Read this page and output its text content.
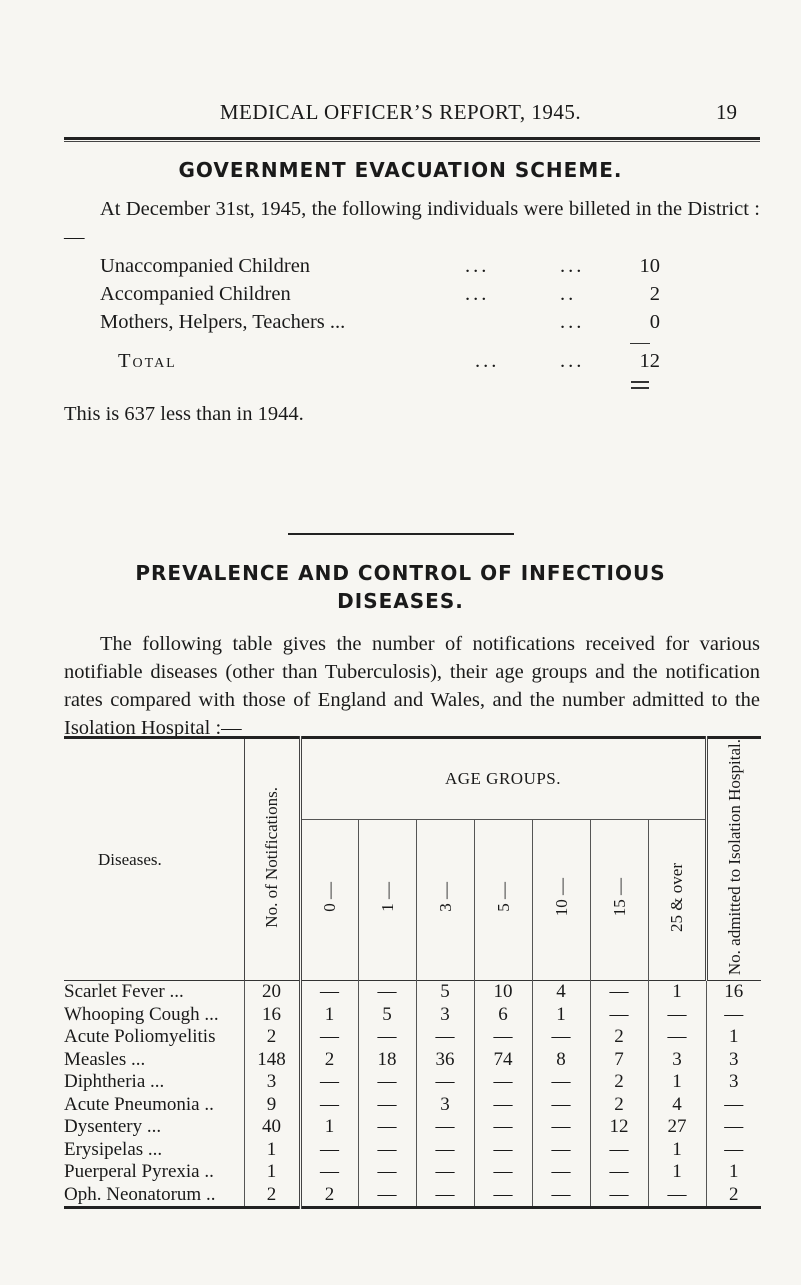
MEDICAL OFFICER’S REPORT, 1945.	19
GOVERNMENT EVACUATION SCHEME.
At December 31st, 1945, the following individuals were billeted in the District :—
Unaccompanied Children	...	...	10
Accompanied Children	...	..	2
Mothers, Helpers, Teachers ...	...	0
Total	...	...	12
This is 637 less than in 1944.
PREVALENCE AND CONTROL OF INFECTIOUS
DISEASES.
The following table gives the number of notifications received for various notifiable diseases (other than Tuberculosis), their age groups and the notification rates compared with those of England and Wales, and the number admitted to the Isolation Hospital :—
Diseases.	No. of Notifications.	AGE GROUPS.							No. admitted to Isolation Hospital.
		0 —	1 —	3 —	5 —	10 —	15 —	25 & over	
Scarlet Fever ...	20	—	—	5	10	4	—	1	16
Whooping Cough ...	16	1	5	3	6	1	—	—	—
Acute Poliomyelitis	2	—	—	—	—	—	2	—	1
Measles ...	148	2	18	36	74	8	7	3	3
Diphtheria ...	3	—	—	—	—	—	2	1	3
Acute Pneumonia ..	9	—	—	3	—	—	2	4	—
Dysentery ...	40	1	—	—	—	—	12	27	—
Erysipelas ...	1	—	—	—	—	—	—	1	—
Puerperal Pyrexia ..	1	—	—	—	—	—	—	1	1
Oph. Neonatorum ..	2	2	—	—	—	—	—	—	2
